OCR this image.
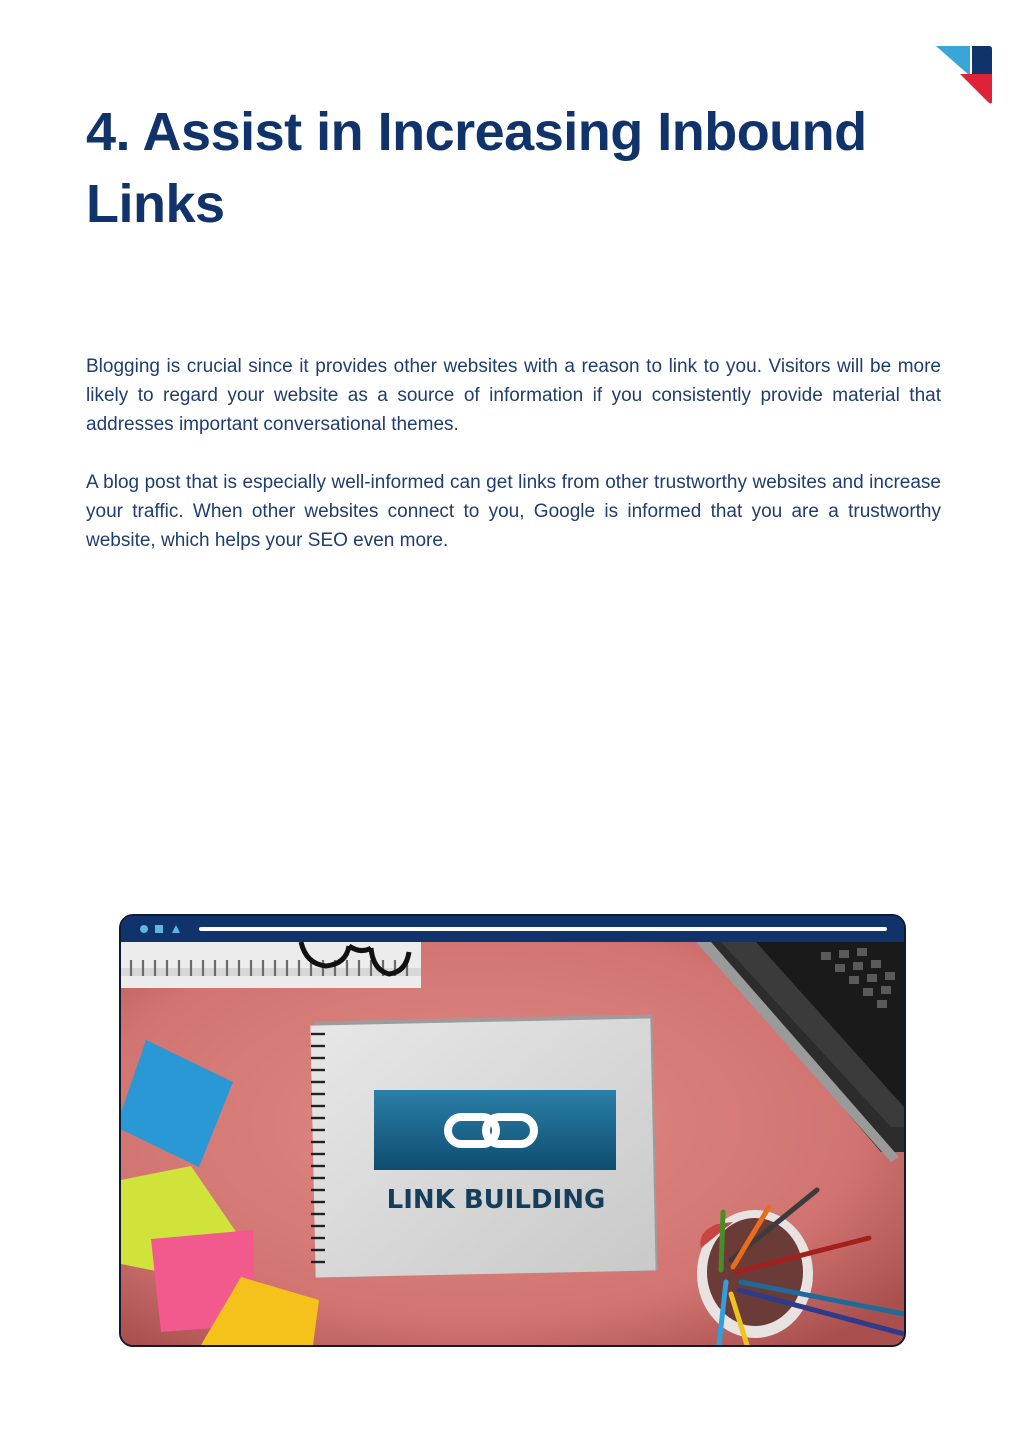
4. Assist in Increasing Inbound Links

Blogging is crucial since it provides other websites with a reason to link to you. Visitors will be more likely to regard your website as a source of information if you consistently provide material that addresses important conversational themes.

A blog post that is especially well-informed can get links from other trustworthy websites and increase your traffic. When other websites connect to you, Google is informed that you are a trustworthy website, which helps your SEO even more.

LINK BUILDING
